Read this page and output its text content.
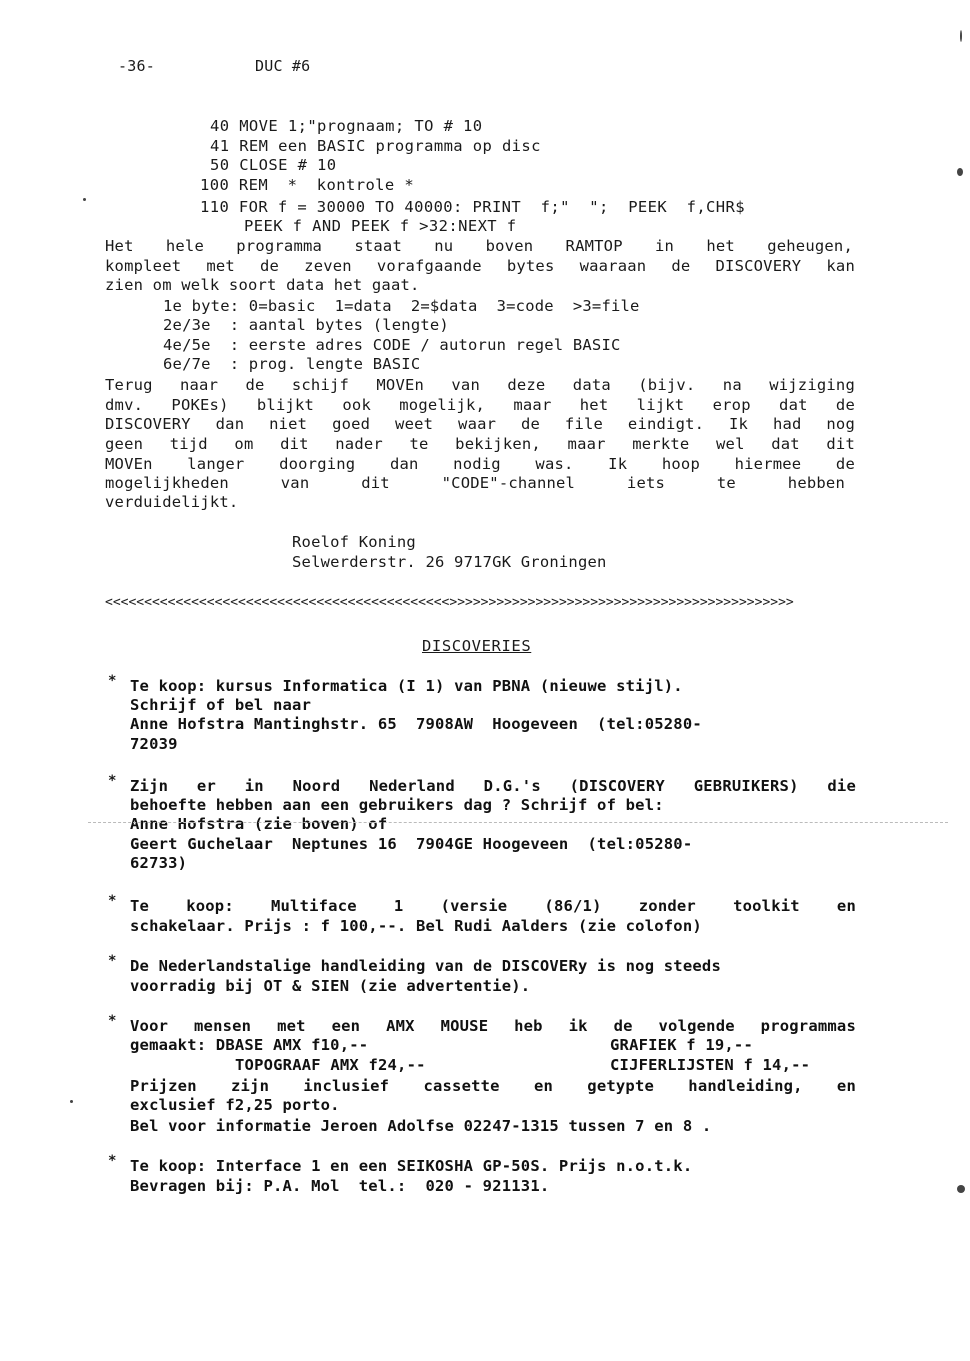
-36-	DUC #6
40 MOVE 1;"prognaam; TO # 10
41 REM een BASIC programma op disc
50 CLOSE # 10
100 REM  *  kontrole *
110 FOR f = 30000 TO 40000: PRINT  f;"  ";  PEEK  f,CHR$
PEEK f AND PEEK f >32:NEXT f
Het hele programma staat nu boven RAMTOP in het geheugen,
kompleet met de zeven vorafgaande bytes waaraan de DISCOVERY kan
zien om welk soort data het gaat.
1e byte: 0=basic  1=data  2=$data  3=code  >3=file
2e/3e  : aantal bytes (lengte)
4e/5e  : eerste adres CODE / autorun regel BASIC
6e/7e  : prog. lengte BASIC
Terug naar de schijf MOVEn van deze data (bijv. na wijziging
dmv. POKEs) blijkt ook mogelijk, maar het lijkt erop dat de
DISCOVERY dan niet goed weet waar de file eindigt. Ik had nog
geen tijd om dit nader te bekijken, maar merkte wel dat dit
MOVEn langer doorging dan nodig was. Ik hoop hiermee de
mogelijkheden van dit "CODE"-channel iets te hebben
verduidelijkt.
Roelof Koning
Selwerderstr. 26 9717GK Groningen
<<<<<<<<<<<<<<<<<<<<<<<<<<<<<<<<<<<<<<<<<<<<>>>>>>>>>>>>>>>>>>>>>>>>>>>>>>>>>>>>>>>>>>>>
DISCOVERIES
* Te koop: kursus Informatica (I 1) van PBNA (nieuwe stijl).
Schrijf of bel naar
Anne Hofstra Mantinghstr. 65  7908AW  Hoogeveen  (tel:05280-
72039
* Zijn er in Noord Nederland D.G.'s (DISCOVERY GEBRUIKERS) die
behoefte hebben aan een gebruikers dag ? Schrijf of bel:
Anne Hofstra (zie boven) of
Geert Guchelaar  Neptunes 16  7904GE Hoogeveen  (tel:05280-
62733)
* Te koop: Multiface 1 (versie (86/1) zonder toolkit en
schakelaar. Prijs : f 100,--. Bel Rudi Aalders (zie colofon)
* De Nederlandstalige handleiding van de DISCOVERy is nog steeds
voorradig bij OT & SIEN (zie advertentie).
* Voor mensen met een AMX MOUSE heb ik de volgende programmas
gemaakt: DBASE AMX f10,--
TOPOGRAAF AMX f24,--
GRAFIEK f 19,--
CIJFERLIJSTEN f 14,--
Prijzen zijn inclusief cassette en getypte handleiding, en
exclusief f2,25 porto.
Bel voor informatie Jeroen Adolfse 02247-1315 tussen 7 en 8 .
* Te koop: Interface 1 en een SEIKOSHA GP-50S. Prijs n.o.t.k.
Bevragen bij: P.A. Mol  tel.:  020 - 921131.
